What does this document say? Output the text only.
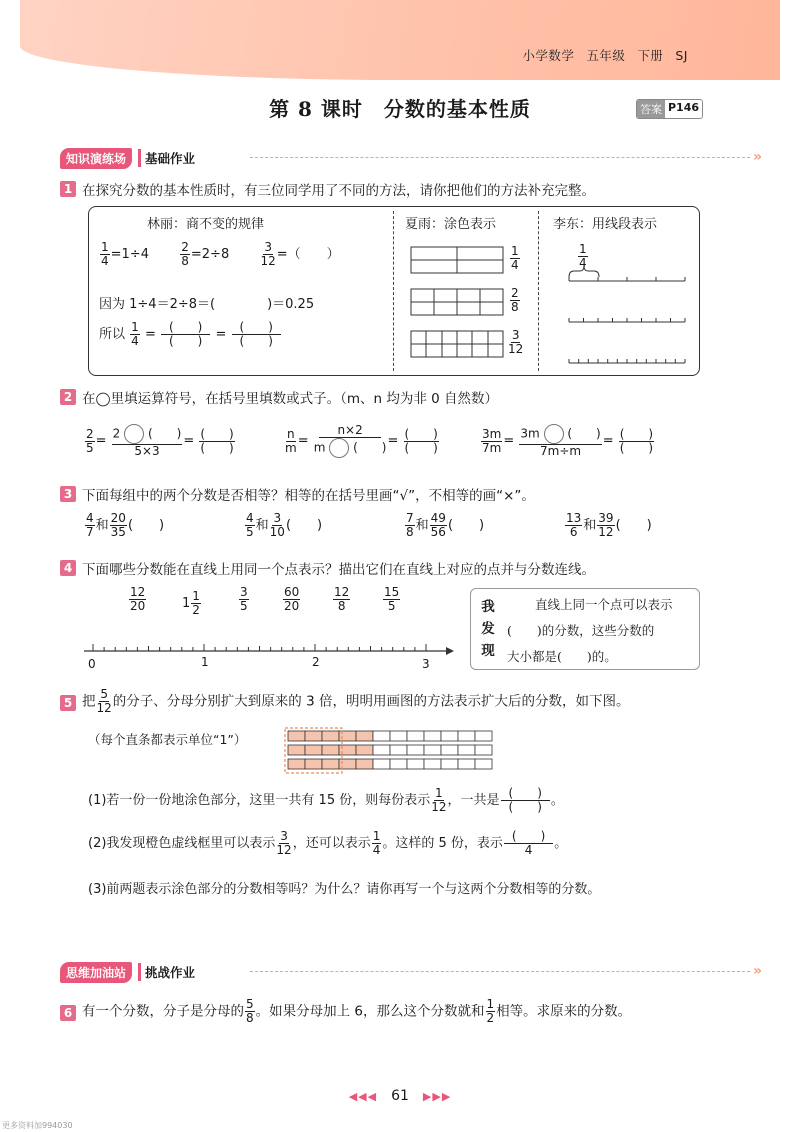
小学数学 五年级 下册 SJ
第 8 课时　分数的基本性质	答案 P146
知识演练场	基础作业	»
1 在探究分数的基本性质时，有三位同学用了不同的方法，请你把他们的方法补充完整。
林丽：商不变的规律	夏雨：涂色表示	李东：用线段表示
$\frac{1}{4} =1\div 4$	$\frac{2}{8} =2\div 8$	$\frac{3}{12}$ =（　　）
因为 1÷4＝2÷8＝(　　　　)＝0.25
所以 $\frac{1}{4}$ =	(　　)
(　　) =	(　　)
(　　)
$\frac{1}{4}$
$\frac{2}{8}$
$\frac{3}{12}$
$\frac{1}{4}$
2 在◯里填运算符号，在括号里填数或式子。（m、n 均为非 0 自然数）
$\frac{2}{5} = \frac{2 ( )}{5\times 3}$ = (　　)
(　　)	$\frac{n}{m} = \frac{n\times 2}{m ( )}$ = (　　)
(　　)	$\frac{3m}{7m} = \frac{3m ( )}{7m\div m}$ = (　　)
(　　)
3 下面每组中的两个分数是否相等？相等的在括号里画“√”，不相等的画“×”。
$\frac{4}{7}$ 和 $\frac{20}{35}$ (　　)	$\frac{4}{5}$ 和 $\frac{3}{10}$ (　　)	$\frac{7}{8}$ 和 $\frac{49}{56}$ (　　)	$\frac{13}{6}$ 和 $\frac{39}{12}$ (　　)
4 下面哪些分数能在直线上用同一个点表示？描出它们在直线上对应的点并与分数连线。
$\frac{12}{20}$	$1 \frac{1}{2}$	$\frac{3}{5}$	$\frac{60}{20}$	$\frac{12}{8}$	$\frac{15}{5}$
0	1	2	3
我发现
直线上同一个点可以表示
(　　)的分数，这些分数的
大小都是(　　)的。
5 把 $\frac{5}{12}$ 的分子、分母分别扩大到原来的 3 倍，明明用画图的方法表示扩大后的分数，如下图。
（每个直条都表示单位“1”）
(1)若一份一份地涂色部分，这里一共有 15 份，则每份表示 $\frac{1}{12}$ ，一共是 (　　)
(　　) 。
(2)我发现橙色虚线框里可以表示 $\frac{3}{12}$ ，还可以表示 $\frac{1}{4}$ 。这样的 5 份，表示 (　　)
4 。
(3)前两题表示涂色部分的分数相等吗？为什么？请你再写一个与这两个分数相等的分数。
思维加油站	挑战作业	»
6 有一个分数，分子是分母的 $\frac{5}{8}$ 。如果分母加上 6，那么这个分数就和 $\frac{1}{2}$ 相等。求原来的分数。
◀◀◀　 61　 ▶▶▶
更多资料加994030
